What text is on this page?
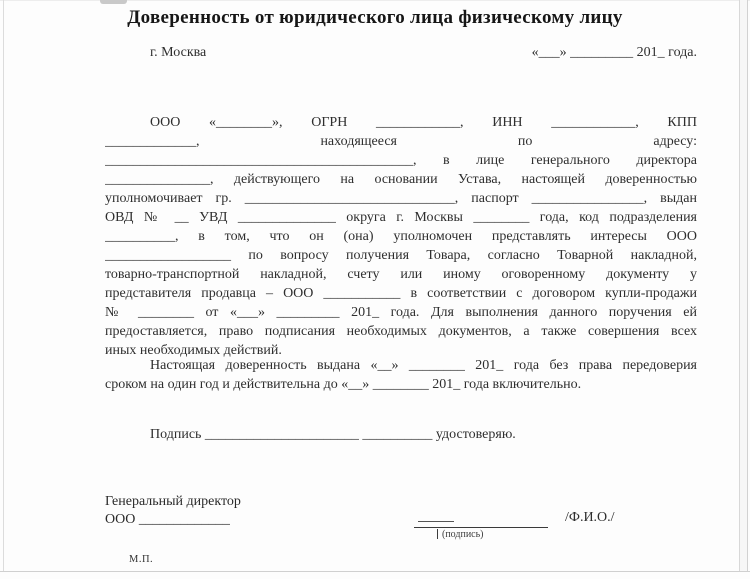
Доверенность от юридического лица физическому лицу
г. Москва	«___» _________ 201_ года.
ООО «________», ОГРН ____________, ИНН ____________, КПП
_____________, находящееся по адресу:
____________________________________________, в лице генерального директора
_______________, действующего на основании Устава, настоящей доверенностью
уполномочивает гр. ______________________________, паспорт ________________, выдан
ОВД № __ УВД ______________ округа г. Москвы ________ года, код подразделения
__________, в том, что он (она) уполномочен представлять интересы ООО
__________________ по вопросу получения Товара, согласно Товарной накладной,
товарно-транспортной накладной, счету или иному оговоренному документу у
представителя продавца – ООО ___________ в соответствии с договором купли-продажи
№ ________ от «___» _________ 201_ года. Для выполнения данного поручения ей
предоставляется, право подписания необходимых документов, а также совершения всех
иных необходимых действий.
Настоящая доверенность выдана «__» ________ 201_ года без права передоверия
сроком на один год и действительна до «__» ________ 201_ года включительно.
Подпись ______________________ __________ удостоверяю.
Генеральный директор
ООО _____________	/Ф.И.О./
(подпись)
М.П.
